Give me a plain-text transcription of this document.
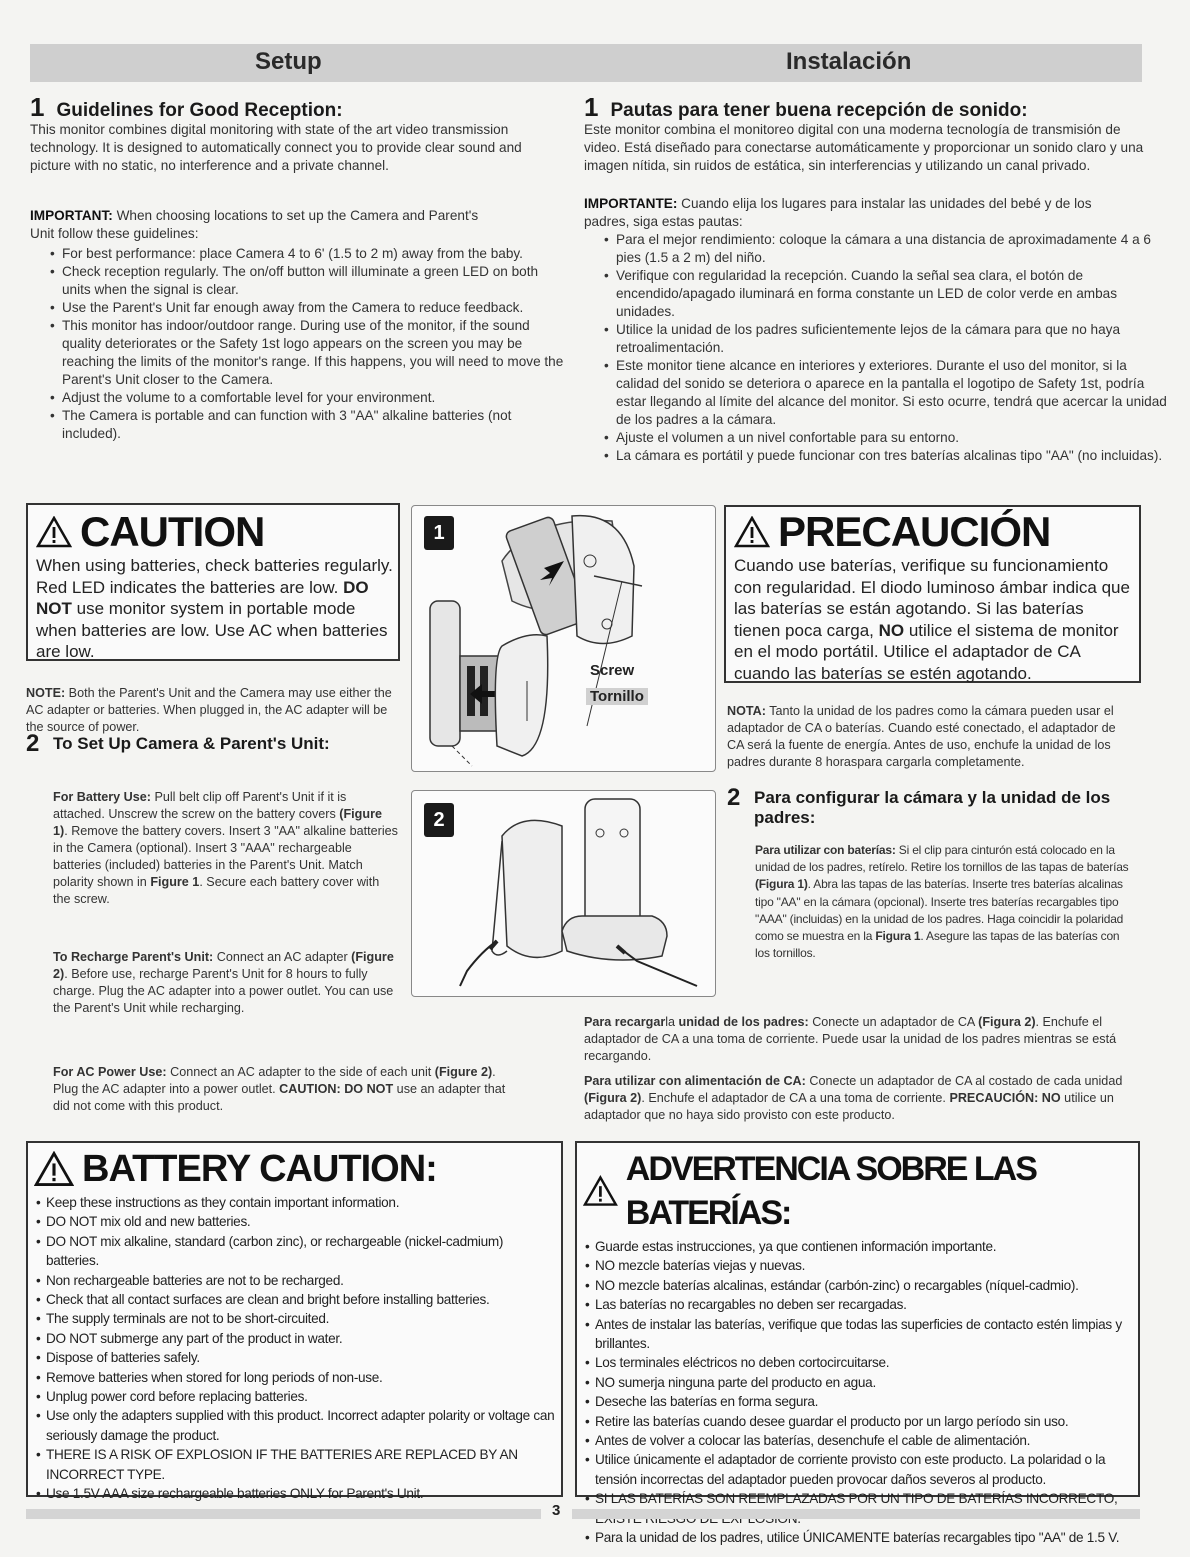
Setup	Instalación
1 Guidelines for Good Reception:

This monitor combines digital monitoring with state of the art video transmission technology. It is designed to automatically connect you to provide clear sound and picture with no static, no interference and a private channel.

IMPORTANT: When choosing locations to set up the Camera and Parent's Unit follow these guidelines:

• For best performance: place Camera 4 to 6' (1.5 to 2 m) away from the baby.
• Check reception regularly. The on/off button will illuminate a green LED on both units when the signal is clear.
• Use the Parent's Unit far enough away from the Camera to reduce feedback.
• This monitor has indoor/outdoor range. During use of the monitor, if the sound quality deteriorates or the Safety 1st logo appears on the screen you may be reaching the limits of the monitor's range. If this happens, you will need to move the Parent's Unit closer to the Camera.
• Adjust the volume to a comfortable level for your environment.
• The Camera is portable and can function with 3 "AA" alkaline batteries (not included).
1 Pautas para tener buena recepción de sonido:

Este monitor combina el monitoreo digital con una moderna tecnología de transmisión de video. Está diseñado para conectarse automáticamente y proporcionar un sonido claro y una imagen nítida, sin ruidos de estática, sin interferencias y utilizando un canal privado.

IMPORTANTE: Cuando elija los lugares para instalar las unidades del bebé y de los padres, siga estas pautas:

• Para el mejor rendimiento: coloque la cámara a una distancia de aproximadamente 4 a 6 pies (1.5 a 2 m) del niño.
• Verifique con regularidad la recepción. Cuando la señal sea clara, el botón de encendido/apagado iluminará en forma constante un LED de color verde en ambas unidades.
• Utilice la unidad de los padres suficientemente lejos de la cámara para que no haya retroalimentación.
• Este monitor tiene alcance en interiores y exteriores. Durante el uso del monitor, si la calidad del sonido se deteriora o aparece en la pantalla el logotipo de Safety 1st, podría estar llegando al límite del alcance del monitor. Si esto ocurre, tendrá que acercar la unidad de los padres a la cámara.
• Ajuste el volumen a un nivel confortable para su entorno.
• La cámara es portátil y puede funcionar con tres baterías alcalinas tipo "AA" (no incluidas).
CAUTION
When using batteries, check batteries regularly. Red LED indicates the batteries are low. DO NOT use monitor system in portable mode when batteries are low. Use AC when batteries are low.

NOTE: Both the Parent's Unit and the Camera may use either the AC adapter or batteries. When plugged in, the AC adapter will be the source of power.

2 To Set Up Camera & Parent's Unit:

For Battery Use: Pull belt clip off Parent's Unit if it is attached. Unscrew the screw on the battery covers (Figure 1). Remove the battery covers. Insert 3 "AA" alkaline batteries in the Camera (optional). Insert 3 "AAA" rechargeable batteries (included) batteries in the Parent's Unit. Match polarity shown in Figure 1. Secure each battery cover with the screw.

To Recharge Parent's Unit: Connect an AC adapter (Figure 2). Before use, recharge Parent's Unit for 8 hours to fully charge. Plug the AC adapter into a power outlet. You can use the Parent's Unit while recharging.

For AC Power Use: Connect an AC adapter to the side of each unit (Figure 2). Plug the AC adapter into a power outlet. CAUTION: DO NOT use an adapter that did not come with this product.

1
Screw
Tornillo
2
PRECAUCIÓN
Cuando use baterías, verifique su funcionamiento con regularidad. El diodo luminoso ámbar indica que las baterías se están agotando. Si las baterías tienen poca carga, NO utilice el sistema de monitor en el modo portátil. Utilice el adaptador de CA cuando las baterías se estén agotando.

NOTA: Tanto la unidad de los padres como la cámara pueden usar el adaptador de CA o baterías. Cuando esté conectado, el adaptador de CA será la fuente de energía. Antes de uso, enchufe la unidad de los padres durante 8 horaspara cargarla completamente.

2 Para configurar la cámara y la unidad de los padres:

Para utilizar con baterías: Si el clip para cinturón está colocado en la unidad de los padres, retírelo. Retire los tornillos de las tapas de baterías (Figura 1). Abra las tapas de las baterías. Inserte tres baterías alcalinas tipo "AA" en la cámara (opcional). Inserte tres baterías recargables tipo "AAA" (incluidas) en la unidad de los padres. Haga coincidir la polaridad como se muestra en la Figura 1. Asegure las tapas de las baterías con los tornillos.

Para recargarla unidad de los padres: Conecte un adaptador de CA (Figura 2). Enchufe el adaptador de CA a una toma de corriente. Puede usar la unidad de los padres mientras se está recargando.

Para utilizar con alimentación de CA: Conecte un adaptador de CA al costado de cada unidad (Figura 2). Enchufe el adaptador de CA a una toma de corriente. PRECAUCIÓN: NO utilice un adaptador que no haya sido provisto con este producto.

BATTERY CAUTION:
• Keep these instructions as they contain important information.
• DO NOT mix old and new batteries.
• DO NOT mix alkaline, standard (carbon zinc), or rechargeable (nickel-cadmium) batteries.
• Non rechargeable batteries are not to be recharged.
• Check that all contact surfaces are clean and bright before installing batteries.
• The supply terminals are not to be short-circuited.
• DO NOT submerge any part of the product in water.
• Dispose of batteries safely.
• Remove batteries when stored for long periods of non-use.
• Unplug power cord before replacing batteries.
• Use only the adapters supplied with this product. Incorrect adapter polarity or voltage can seriously damage the product.
• THERE IS A RISK OF EXPLOSION IF THE BATTERIES ARE REPLACED BY AN INCORRECT TYPE.
• Use 1.5V AAA size rechargeable batteries ONLY for Parent's Unit.
ADVERTENCIA SOBRE LAS BATERÍAS:
• Guarde estas instrucciones, ya que contienen información importante.
• NO mezcle baterías viejas y nuevas.
• NO mezcle baterías alcalinas, estándar (carbón-zinc) o recargables (níquel-cadmio).
• Las baterías no recargables no deben ser recargadas.
• Antes de instalar las baterías, verifique que todas las superficies de contacto estén limpias y brillantes.
• Los terminales eléctricos no deben cortocircuitarse.
• NO sumerja ninguna parte del producto en agua.
• Deseche las baterías en forma segura.
• Retire las baterías cuando desee guardar el producto por un largo período sin uso.
• Antes de volver a colocar las baterías, desenchufe el cable de alimentación.
• Utilice únicamente el adaptador de corriente provisto con este producto. La polaridad o la tensión incorrectas del adaptador pueden provocar daños severos al producto.
• SI LAS BATERÍAS SON REEMPLAZADAS POR UN TIPO DE BATERÍAS INCORRECTO,
• Para la unidad de los padres, utilice ÚNICAMENTE baterías recargables tipo "AA" de 1.5 V.
3
